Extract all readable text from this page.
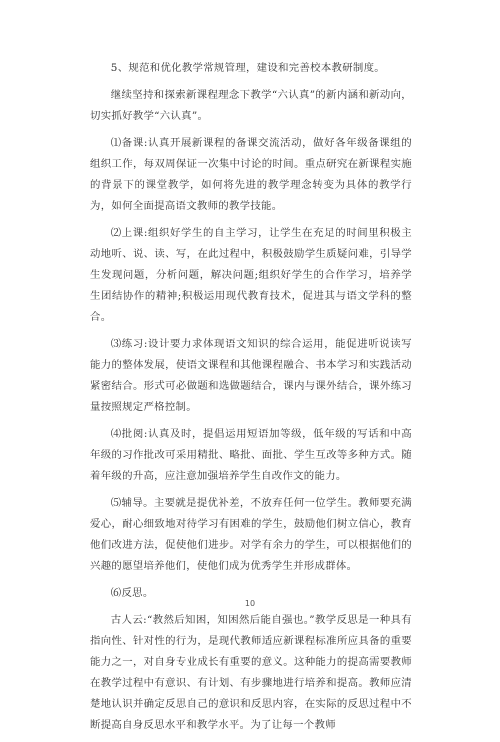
5、规范和优化教学常规管理，建设和完善校本教研制度。

继续坚持和探索新课程理念下教学“六认真”的新内涵和新动向，切实抓好教学“六认真”。

⑴备课:认真开展新课程的备课交流活动，做好各年级备课组的组织工作，每双周保证一次集中讨论的时间。重点研究在新课程实施的背景下的课堂教学，如何将先进的教学理念转变为具体的教学行为，如何全面提高语文教师的教学技能。

⑵上课:组织好学生的自主学习，让学生在充足的时间里积极主动地听、说、读、写，在此过程中，积极鼓励学生质疑问难，引导学生发现问题，分析问题，解决问题;组织好学生的合作学习，培养学生团结协作的精神;积极运用现代教育技术，促进其与语文学科的整合。

⑶练习:设计要力求体现语文知识的综合运用，能促进听说读写能力的整体发展，使语文课程和其他课程融合、书本学习和实践活动紧密结合。形式可必做题和选做题结合，课内与课外结合，课外练习量按照规定严格控制。

⑷批阅:认真及时，提倡运用短语加等级，低年级的写话和中高年级的习作批改可采用精批、略批、面批、学生互改等多种方式。随着年级的升高，应注意加强培养学生自改作文的能力。

⑸辅导。主要就是提优补差，不放弃任何一位学生。教师要充满爱心，耐心细致地对待学习有困难的学生，鼓励他们树立信心，教育他们改进方法，促使他们进步。对学有余力的学生，可以根据他们的兴趣的愿望培养他们，使他们成为优秀学生并形成群体。

⑹反思。

古人云:“教然后知困，知困然后能自强也。”教学反思是一种具有指向性、针对性的行为，是现代教师适应新课程标准所应具备的重要能力之一，对自身专业成长有重要的意义。这种能力的提高需要教师在教学过程中有意识、有计划、有步骤地进行培养和提高。教师应清楚地认识并确定反思自己的意识和反思内容，在实际的反思过程中不断提高自身反思水平和教学水平。为了让每一个教师

10
